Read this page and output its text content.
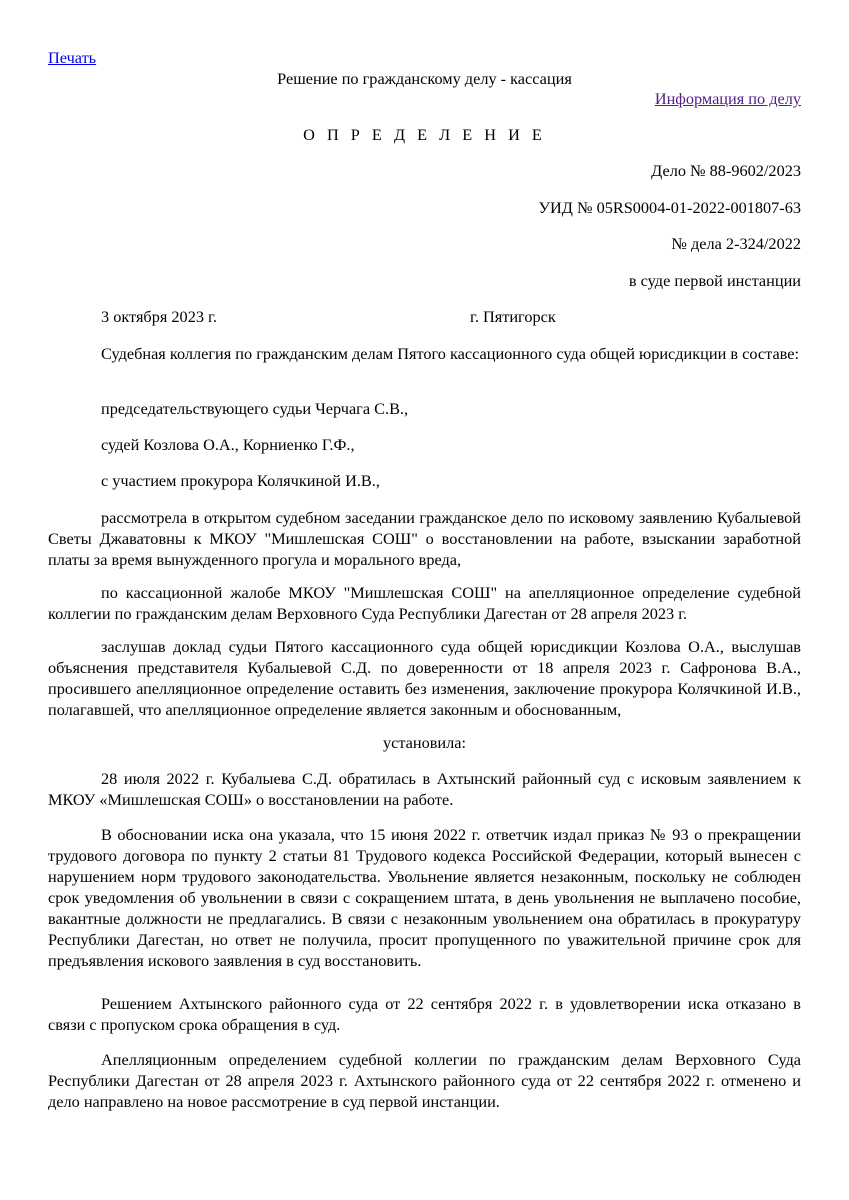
Печать
Решение по гражданскому делу - кассация
Информация по делу
О П Р Е Д Е Л Е Н И Е
Дело № 88-9602/2023
УИД № 05RS0004-01-2022-001807-63
№ дела 2-324/2022
в суде первой инстанции
3 октября 2023 г.	г. Пятигорск
Судебная коллегия по гражданским делам Пятого кассационного суда общей юрисдикции в составе:
председательствующего судьи Черчага С.В.,
судей Козлова О.А., Корниенко Г.Ф.,
с участием прокурора Колячкиной И.В.,
рассмотрела в открытом судебном заседании гражданское дело по исковому заявлению Кубалыевой Светы Джаватовны к МКОУ "Мишлешская СОШ" о восстановлении на работе, взыскании заработной платы за время вынужденного прогула и морального вреда,
по кассационной жалобе МКОУ "Мишлешская СОШ" на апелляционное определение судебной коллегии по гражданским делам Верховного Суда Республики Дагестан от 28 апреля 2023 г.
заслушав доклад судьи Пятого кассационного суда общей юрисдикции Козлова О.А., выслушав объяснения представителя Кубалыевой С.Д. по доверенности от 18 апреля 2023 г. Сафронова В.А., просившего апелляционное определение оставить без изменения, заключение прокурора Колячкиной И.В., полагавшей, что апелляционное определение является законным и обоснованным,
установила:
28 июля 2022 г. Кубалыева С.Д. обратилась в Ахтынский районный суд с исковым заявлением к МКОУ «Мишлешская СОШ» о восстановлении на работе.
В обосновании иска она указала, что 15 июня 2022 г. ответчик издал приказ № 93 о прекращении трудового договора по пункту 2 статьи 81 Трудового кодекса Российской Федерации, который вынесен с нарушением норм трудового законодательства. Увольнение является незаконным, поскольку не соблюден срок уведомления об увольнении в связи с сокращением штата, в день увольнения не выплачено пособие, вакантные должности не предлагались. В связи с незаконным увольнением она обратилась в прокуратуру Республики Дагестан, но ответ не получила, просит пропущенного по уважительной причине срок для предъявления искового заявления в суд восстановить.
Решением Ахтынского районного суда от 22 сентября 2022 г. в удовлетворении иска отказано в связи с пропуском срока обращения в суд.
Апелляционным определением судебной коллегии по гражданским делам Верховного Суда Республики Дагестан от 28 апреля 2023 г. Ахтынского районного суда от 22 сентября 2022 г. отменено и дело направлено на новое рассмотрение в суд первой инстанции.
